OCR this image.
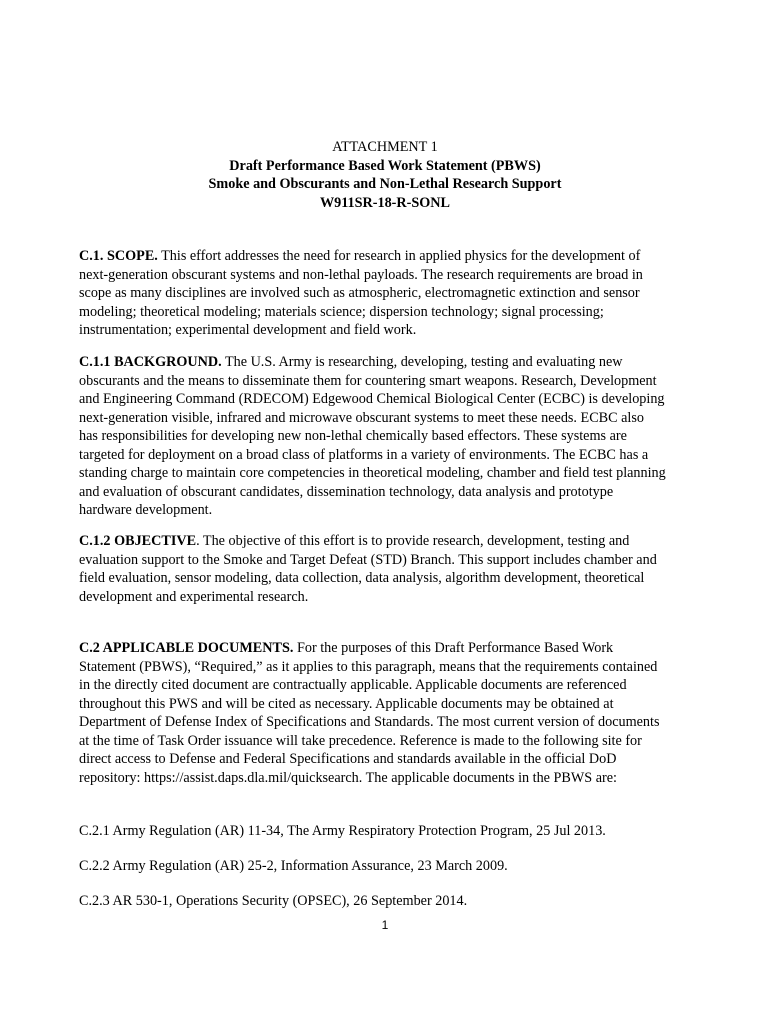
ATTACHMENT 1
Draft Performance Based Work Statement (PBWS)
Smoke and Obscurants and Non-Lethal Research Support
W911SR-18-R-SONL
C.1. SCOPE. This effort addresses the need for research in applied physics for the development of
next-generation obscurant systems and non-lethal payloads. The research requirements are broad in
scope as many disciplines are involved such as atmospheric, electromagnetic extinction and sensor
modeling; theoretical modeling; materials science; dispersion technology; signal processing;
instrumentation; experimental development and field work.
C.1.1 BACKGROUND. The U.S. Army is researching, developing, testing and evaluating new
obscurants and the means to disseminate them for countering smart weapons. Research, Development
and Engineering Command (RDECOM) Edgewood Chemical Biological Center (ECBC) is developing
next-generation visible, infrared and microwave obscurant systems to meet these needs. ECBC also
has responsibilities for developing new non-lethal chemically based effectors. These systems are
targeted for deployment on a broad class of platforms in a variety of environments. The ECBC has a
standing charge to maintain core competencies in theoretical modeling, chamber and field test planning
and evaluation of obscurant candidates, dissemination technology, data analysis and prototype
hardware development.
C.1.2 OBJECTIVE. The objective of this effort is to provide research, development, testing and
evaluation support to the Smoke and Target Defeat (STD) Branch. This support includes chamber and
field evaluation, sensor modeling, data collection, data analysis, algorithm development, theoretical
development and experimental research.
C.2 APPLICABLE DOCUMENTS. For the purposes of this Draft Performance Based Work
Statement (PBWS), “Required,” as it applies to this paragraph, means that the requirements contained
in the directly cited document are contractually applicable. Applicable documents are referenced
throughout this PWS and will be cited as necessary. Applicable documents may be obtained at
Department of Defense Index of Specifications and Standards. The most current version of documents
at the time of Task Order issuance will take precedence. Reference is made to the following site for
direct access to Defense and Federal Specifications and standards available in the official DoD
repository: https://assist.daps.dla.mil/quicksearch. The applicable documents in the PBWS are:
C.2.1 Army Regulation (AR) 11-34, The Army Respiratory Protection Program, 25 Jul 2013.
C.2.2 Army Regulation (AR) 25-2, Information Assurance, 23 March 2009.
C.2.3 AR 530-1, Operations Security (OPSEC), 26 September 2014.
1
